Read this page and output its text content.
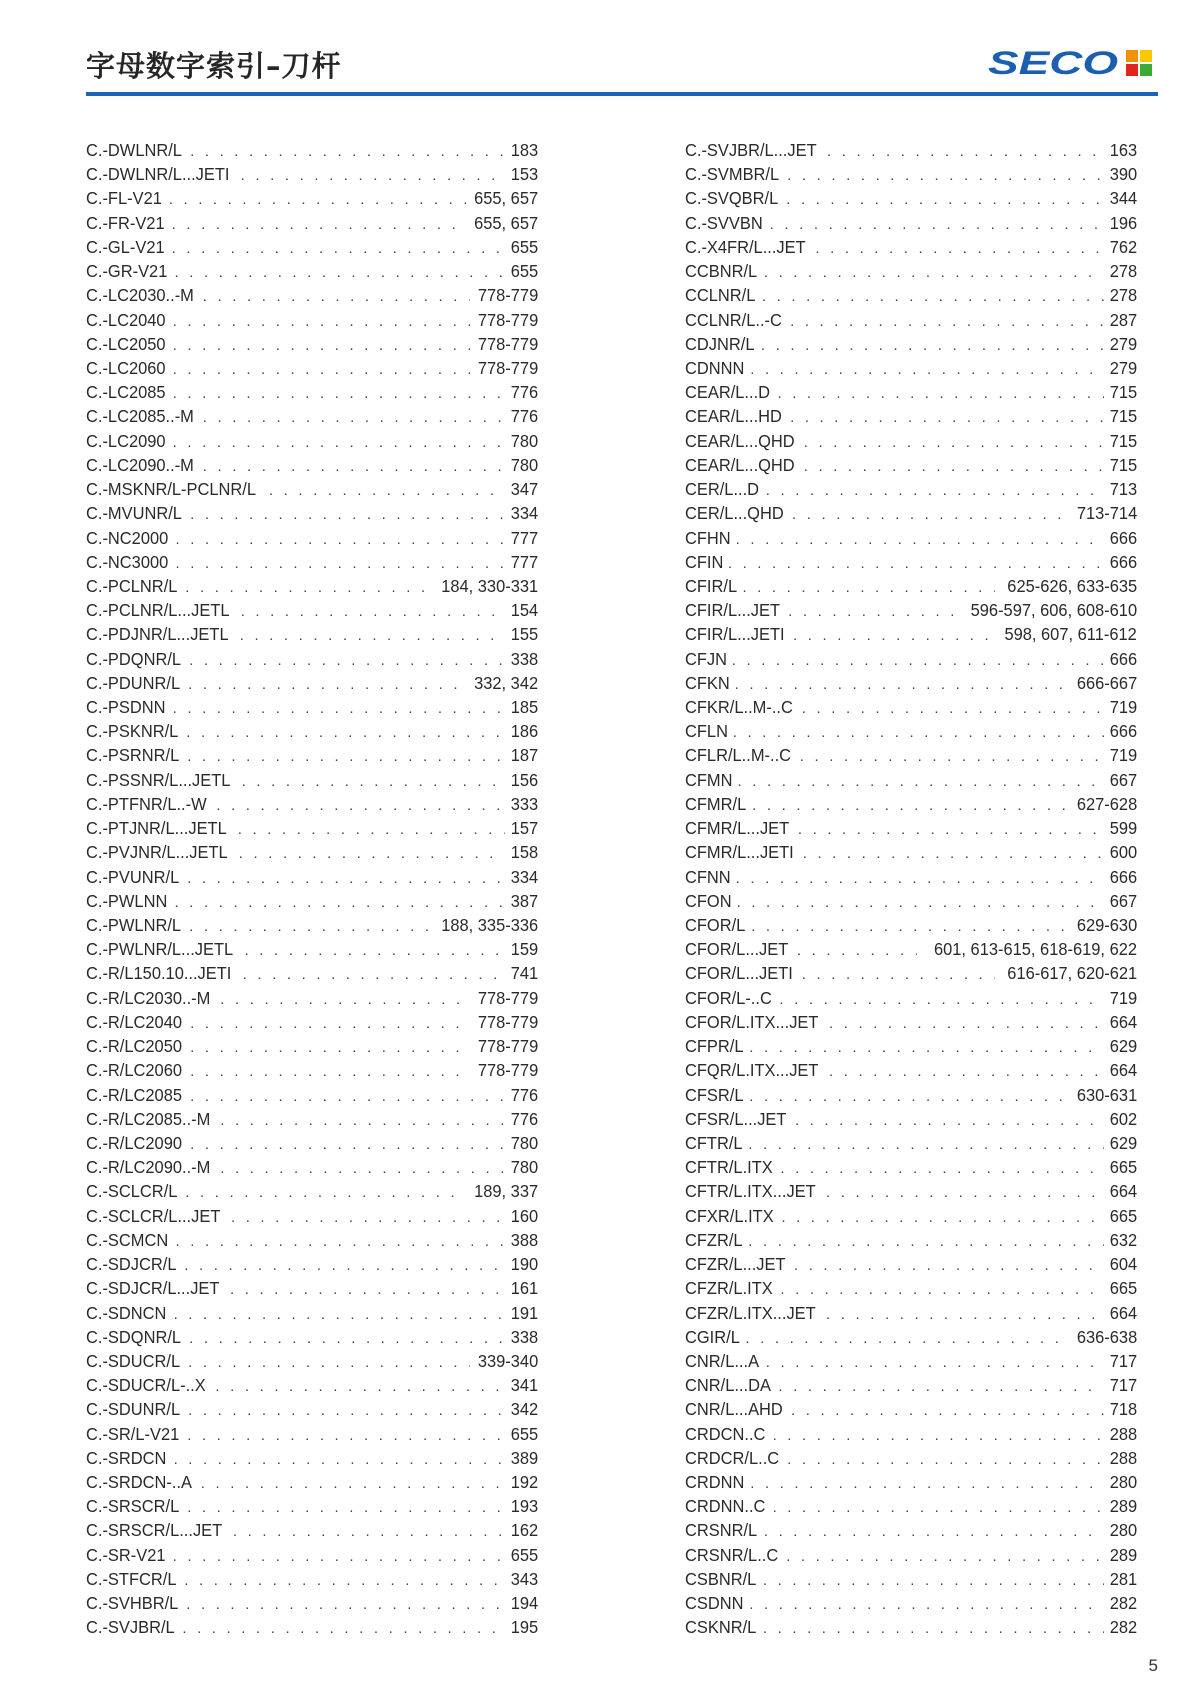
字母数字索引–刀杆	SECO
C.-DWLNR/L . . .	183
C.-DWLNR/L...JETI . . .	153
C.-FL-V21 . . .	655, 657
C.-FR-V21 . . .	655, 657
C.-GL-V21 . . .	655
C.-GR-V21 . . .	655
C.-LC2030..-M . . .	778-779
C.-LC2040 . . .	778-779
C.-LC2050 . . .	778-779
C.-LC2060 . . .	778-779
C.-LC2085 . . .	776
C.-LC2085..-M . . .	776
C.-LC2090 . . .	780
C.-LC2090..-M . . .	780
C.-MSKNR/L-PCLNR/L . . .	347
C.-MVUNR/L . . .	334
C.-NC2000 . . .	777
C.-NC3000 . . .	777
C.-PCLNR/L . . .	184, 330-331
C.-PCLNR/L...JETL . . .	154
C.-PDJNR/L...JETL . . .	155
C.-PDQNR/L . . .	338
C.-PDUNR/L . . .	332, 342
C.-PSDNN . . .	185
C.-PSKNR/L . . .	186
C.-PSRNR/L . . .	187
C.-PSSNR/L...JETL . . .	156
C.-PTFNR/L..-W . . .	333
C.-PTJNR/L...JETL . . .	157
C.-PVJNR/L...JETL . . .	158
C.-PVUNR/L . . .	334
C.-PWLNN . . .	387
C.-PWLNR/L . . .	188, 335-336
C.-PWLNR/L...JETL . . .	159
C.-R/L150.10...JETI . . .	741
C.-R/LC2030..-M . . .	778-779
C.-R/LC2040 . . .	778-779
C.-R/LC2050 . . .	778-779
C.-R/LC2060 . . .	778-779
C.-R/LC2085 . . .	776
C.-R/LC2085..-M . . .	776
C.-R/LC2090 . . .	780
C.-R/LC2090..-M . . .	780
C.-SCLCR/L . . .	189, 337
C.-SCLCR/L...JET . . .	160
C.-SCMCN . . .	388
C.-SDJCR/L . . .	190
C.-SDJCR/L...JET . . .	161
C.-SDNCN . . .	191
C.-SDQNR/L . . .	338
C.-SDUCR/L . . .	339-340
C.-SDUCR/L-..X . . .	341
C.-SDUNR/L . . .	342
C.-SR/L-V21 . . .	655
C.-SRDCN . . .	389
C.-SRDCN-..A . . .	192
C.-SRSCR/L . . .	193
C.-SRSCR/L...JET . . .	162
C.-SR-V21 . . .	655
C.-STFCR/L . . .	343
C.-SVHBR/L . . .	194
C.-SVJBR/L . . .	195
C.-SVJBR/L...JET . . .	163
C.-SVMBR/L . . .	390
C.-SVQBR/L . . .	344
C.-SVVBN . . .	196
C.-X4FR/L...JET . . .	762
CCBNR/L . . .	278
CCLNR/L . . .	278
CCLNR/L..-C . . .	287
CDJNR/L . . .	279
CDNNN . . .	279
CEAR/L...D . . .	715
CEAR/L...HD . . .	715
CEAR/L...QHD . . .	715
CEAR/L...QHD . . .	715
CER/L...D . . .	713
CER/L...QHD . . .	713-714
CFHN . . .	666
CFIN . . .	666
CFIR/L . . .	625-626, 633-635
CFIR/L...JET . . .	596-597, 606, 608-610
CFIR/L...JETI . . .	598, 607, 611-612
CFJN . . .	666
CFKN . . .	666-667
CFKR/L..M-..C . . .	719
CFLN . . .	666
CFLR/L..M-..C . . .	719
CFMN . . .	667
CFMR/L . . .	627-628
CFMR/L...JET . . .	599
CFMR/L...JETI . . .	600
CFNN . . .	666
CFON . . .	667
CFOR/L . . .	629-630
CFOR/L...JET . . .	601, 613-615, 618-619, 622
CFOR/L...JETI . . .	616-617, 620-621
CFOR/L-..C . . .	719
CFOR/L.ITX...JET . . .	664
CFPR/L . . .	629
CFQR/L.ITX...JET . . .	664
CFSR/L . . .	630-631
CFSR/L...JET . . .	602
CFTR/L . . .	629
CFTR/L.ITX . . .	665
CFTR/L.ITX...JET . . .	664
CFXR/L.ITX . . .	665
CFZR/L . . .	632
CFZR/L...JET . . .	604
CFZR/L.ITX . . .	665
CFZR/L.ITX...JET . . .	664
CGIR/L . . .	636-638
CNR/L...A . . .	717
CNR/L...DA . . .	717
CNR/L...AHD . . .	718
CRDCN..C . . .	288
CRDCR/L..C . . .	288
CRDNN . . .	280
CRDNN..C . . .	289
CRSNR/L . . .	280
CRSNR/L..C . . .	289
CSBNR/L . . .	281
CSDNN . . .	282
CSKNR/L . . .	282
5
